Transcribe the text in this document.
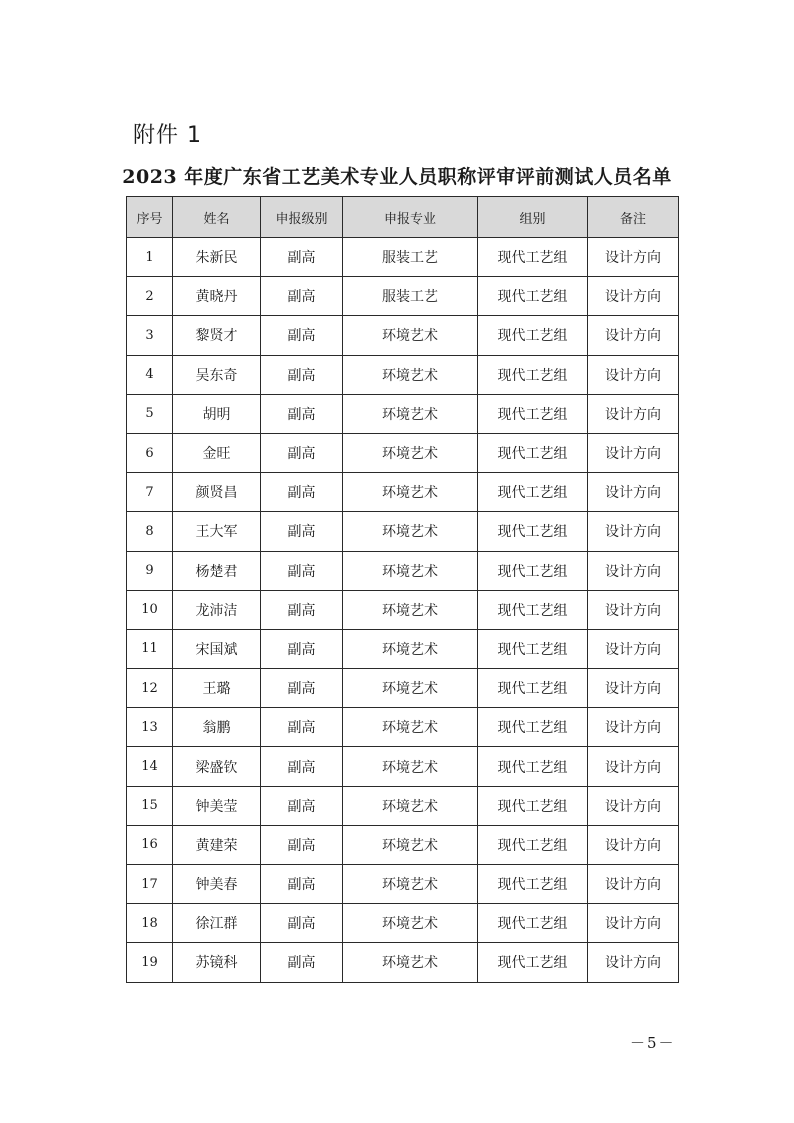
附件 1
2023 年度广东省工艺美术专业人员职称评审评前测试人员名单
序号	姓名	申报级别	申报专业	组别	备注
1	朱新民	副高	服装工艺	现代工艺组	设计方向
2	黄晓丹	副高	服装工艺	现代工艺组	设计方向
3	黎贤才	副高	环境艺术	现代工艺组	设计方向
4	吴东奇	副高	环境艺术	现代工艺组	设计方向
5	胡明	副高	环境艺术	现代工艺组	设计方向
6	金旺	副高	环境艺术	现代工艺组	设计方向
7	颜贤昌	副高	环境艺术	现代工艺组	设计方向
8	王大军	副高	环境艺术	现代工艺组	设计方向
9	杨楚君	副高	环境艺术	现代工艺组	设计方向
10	龙沛洁	副高	环境艺术	现代工艺组	设计方向
11	宋国斌	副高	环境艺术	现代工艺组	设计方向
12	王璐	副高	环境艺术	现代工艺组	设计方向
13	翁鹏	副高	环境艺术	现代工艺组	设计方向
14	梁盛钦	副高	环境艺术	现代工艺组	设计方向
15	钟美莹	副高	环境艺术	现代工艺组	设计方向
16	黄建荣	副高	环境艺术	现代工艺组	设计方向
17	钟美春	副高	环境艺术	现代工艺组	设计方向
18	徐江群	副高	环境艺术	现代工艺组	设计方向
19	苏镜科	副高	环境艺术	现代工艺组	设计方向
－5－
